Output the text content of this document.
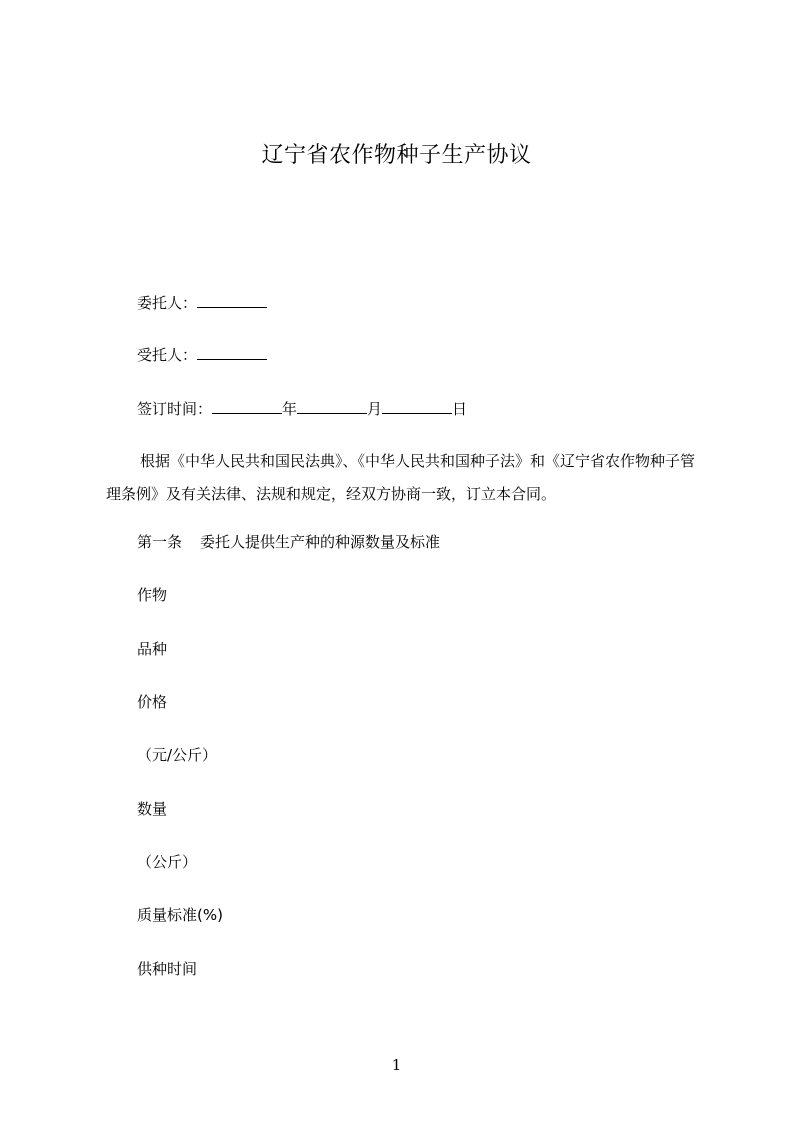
辽宁省农作物种子生产协议
委托人：
受托人：
签订时间：	年	月	日
根据《中华人民共和国民法典》、《中华人民共和国种子法》和《辽宁省农作物种子管理条例》及有关法律、法规和规定，经双方协商一致，订立本合同。
第一条 委托人提供生产种的种源数量及标准
作物
品种
价格
（元/公斤）
数量
（公斤）
质量标准(%)
供种时间
1
